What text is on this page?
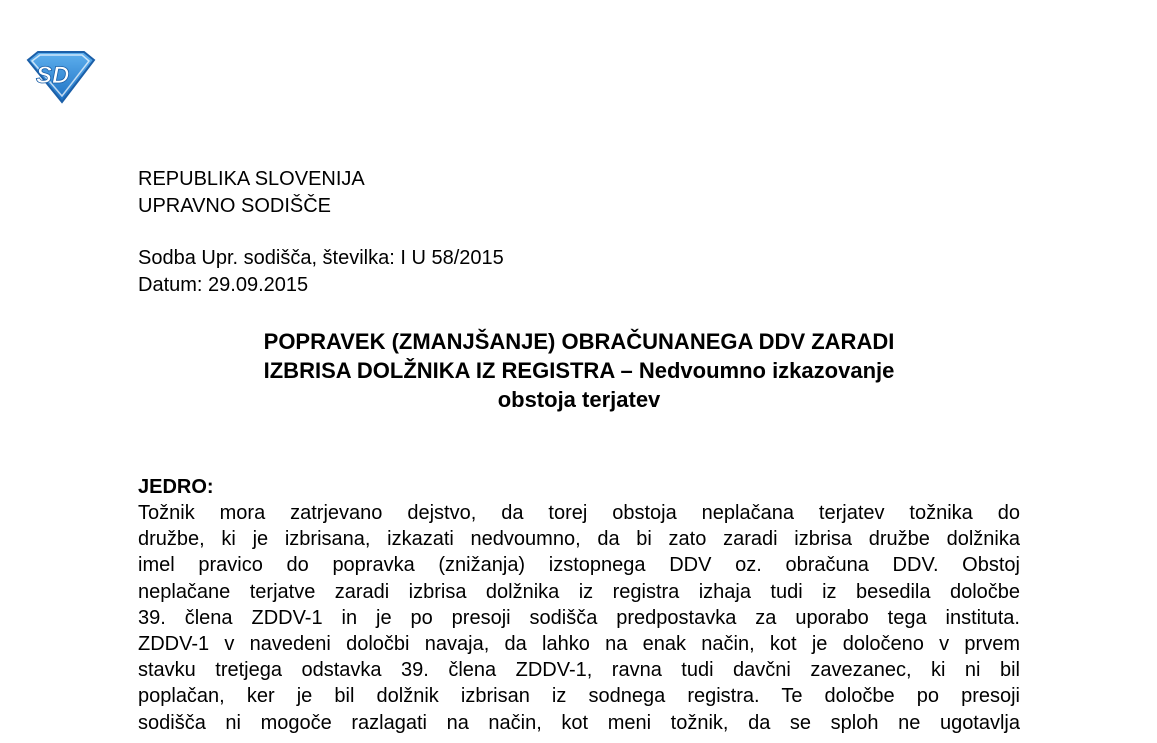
SD
REPUBLIKA SLOVENIJA
UPRAVNO SODIŠČE
Sodba Upr. sodišča, številka: I U 58/2015
Datum: 29.09.2015
POPRAVEK (ZMANJŠANJE) OBRAČUNANEGA DDV ZARADI
IZBRISA DOLŽNIKA IZ REGISTRA – Nedvoumno izkazovanje
obstoja terjatev
JEDRO:
Tožnik mora zatrjevano dejstvo, da torej obstoja neplačana terjatev tožnika do
družbe, ki je izbrisana, izkazati nedvoumno, da bi zato zaradi izbrisa družbe dolžnika
imel pravico do popravka (znižanja) izstopnega DDV oz. obračuna DDV. Obstoj
neplačane terjatve zaradi izbrisa dolžnika iz registra izhaja tudi iz besedila določbe
39. člena ZDDV-1 in je po presoji sodišča predpostavka za uporabo tega instituta.
ZDDV-1 v navedeni določbi navaja, da lahko na enak način, kot je določeno v prvem
stavku tretjega odstavka 39. člena ZDDV-1, ravna tudi davčni zavezanec, ki ni bil
poplačan, ker je bil dolžnik izbrisan iz sodnega registra. Te določbe po presoji
sodišča ni mogoče razlagati na način, kot meni tožnik, da se sploh ne ugotavlja
